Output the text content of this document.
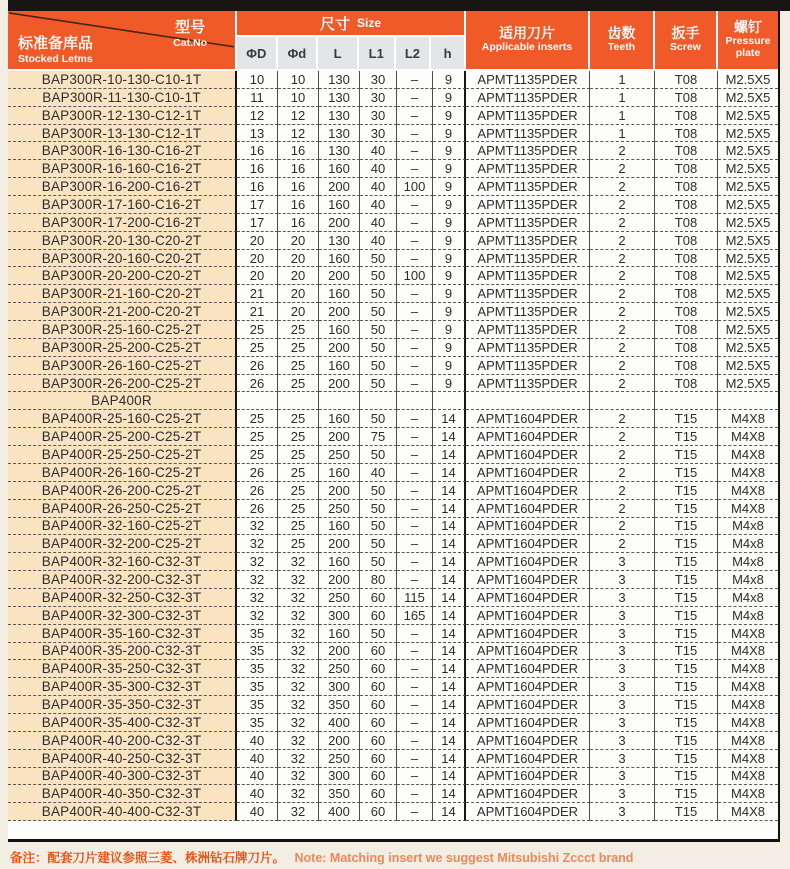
型号
Cat.No
标准备库品
Stocked Letms
尺寸 Size
ΦD	Φd	L	L1	L2	h
适用刀片
Applicable inserts
齿数
Teeth
扳手
Screw
螺钉
Pressure plate
BAP300R-10-130-C10-1T	10	10	130	30	–	9	APMT1135PDER	1	T08	M2.5X5
BAP300R-11-130-C10-1T	11	10	130	30	–	9	APMT1135PDER	1	T08	M2.5X5
BAP300R-12-130-C12-1T	12	12	130	30	–	9	APMT1135PDER	1	T08	M2.5X5
BAP300R-13-130-C12-1T	13	12	130	30	–	9	APMT1135PDER	1	T08	M2.5X5
BAP300R-16-130-C16-2T	16	16	130	40	–	9	APMT1135PDER	2	T08	M2.5X5
BAP300R-16-160-C16-2T	16	16	160	40	–	9	APMT1135PDER	2	T08	M2.5X5
BAP300R-16-200-C16-2T	16	16	200	40	100	9	APMT1135PDER	2	T08	M2.5X5
BAP300R-17-160-C16-2T	17	16	160	40	–	9	APMT1135PDER	2	T08	M2.5X5
BAP300R-17-200-C16-2T	17	16	200	40	–	9	APMT1135PDER	2	T08	M2.5X5
BAP300R-20-130-C20-2T	20	20	130	40	–	9	APMT1135PDER	2	T08	M2.5X5
BAP300R-20-160-C20-2T	20	20	160	50	–	9	APMT1135PDER	2	T08	M2.5X5
BAP300R-20-200-C20-2T	20	20	200	50	100	9	APMT1135PDER	2	T08	M2.5X5
BAP300R-21-160-C20-2T	21	20	160	50	–	9	APMT1135PDER	2	T08	M2.5X5
BAP300R-21-200-C20-2T	21	20	200	50	–	9	APMT1135PDER	2	T08	M2.5X5
BAP300R-25-160-C25-2T	25	25	160	50	–	9	APMT1135PDER	2	T08	M2.5X5
BAP300R-25-200-C25-2T	25	25	200	50	–	9	APMT1135PDER	2	T08	M2.5X5
BAP300R-26-160-C25-2T	26	25	160	50	–	9	APMT1135PDER	2	T08	M2.5X5
BAP300R-26-200-C25-2T	26	25	200	50	–	9	APMT1135PDER	2	T08	M2.5X5
BAP400R
BAP400R-25-160-C25-2T	25	25	160	50	–	14	APMT1604PDER	2	T15	M4X8
BAP400R-25-200-C25-2T	25	25	200	75	–	14	APMT1604PDER	2	T15	M4X8
BAP400R-25-250-C25-2T	25	25	250	50	–	14	APMT1604PDER	2	T15	M4X8
BAP400R-26-160-C25-2T	26	25	160	40	–	14	APMT1604PDER	2	T15	M4X8
BAP400R-26-200-C25-2T	26	25	200	50	–	14	APMT1604PDER	2	T15	M4X8
BAP400R-26-250-C25-2T	26	25	250	50	–	14	APMT1604PDER	2	T15	M4X8
BAP400R-32-160-C25-2T	32	25	160	50	–	14	APMT1604PDER	2	T15	M4x8
BAP400R-32-200-C25-2T	32	25	200	50	–	14	APMT1604PDER	2	T15	M4x8
BAP400R-32-160-C32-3T	32	32	160	50	–	14	APMT1604PDER	3	T15	M4x8
BAP400R-32-200-C32-3T	32	32	200	80	–	14	APMT1604PDER	3	T15	M4x8
BAP400R-32-250-C32-3T	32	32	250	60	115	14	APMT1604PDER	3	T15	M4x8
BAP400R-32-300-C32-3T	32	32	300	60	165	14	APMT1604PDER	3	T15	M4x8
BAP400R-35-160-C32-3T	35	32	160	50	–	14	APMT1604PDER	3	T15	M4X8
BAP400R-35-200-C32-3T	35	32	200	60	–	14	APMT1604PDER	3	T15	M4X8
BAP400R-35-250-C32-3T	35	32	250	60	–	14	APMT1604PDER	3	T15	M4X8
BAP400R-35-300-C32-3T	35	32	300	60	–	14	APMT1604PDER	3	T15	M4X8
BAP400R-35-350-C32-3T	35	32	350	60	–	14	APMT1604PDER	3	T15	M4X8
BAP400R-35-400-C32-3T	35	32	400	60	–	14	APMT1604PDER	3	T15	M4X8
BAP400R-40-200-C32-3T	40	32	200	60	–	14	APMT1604PDER	3	T15	M4X8
BAP400R-40-250-C32-3T	40	32	250	60	–	14	APMT1604PDER	3	T15	M4X8
BAP400R-40-300-C32-3T	40	32	300	60	–	14	APMT1604PDER	3	T15	M4X8
BAP400R-40-350-C32-3T	40	32	350	60	–	14	APMT1604PDER	3	T15	M4X8
BAP400R-40-400-C32-3T	40	32	400	60	–	14	APMT1604PDER	3	T15	M4X8
备注：配套刀片建议参照三菱、株洲钻石牌刀片。 Note: Matching insert we suggest Mitsubishi Zccct brand
